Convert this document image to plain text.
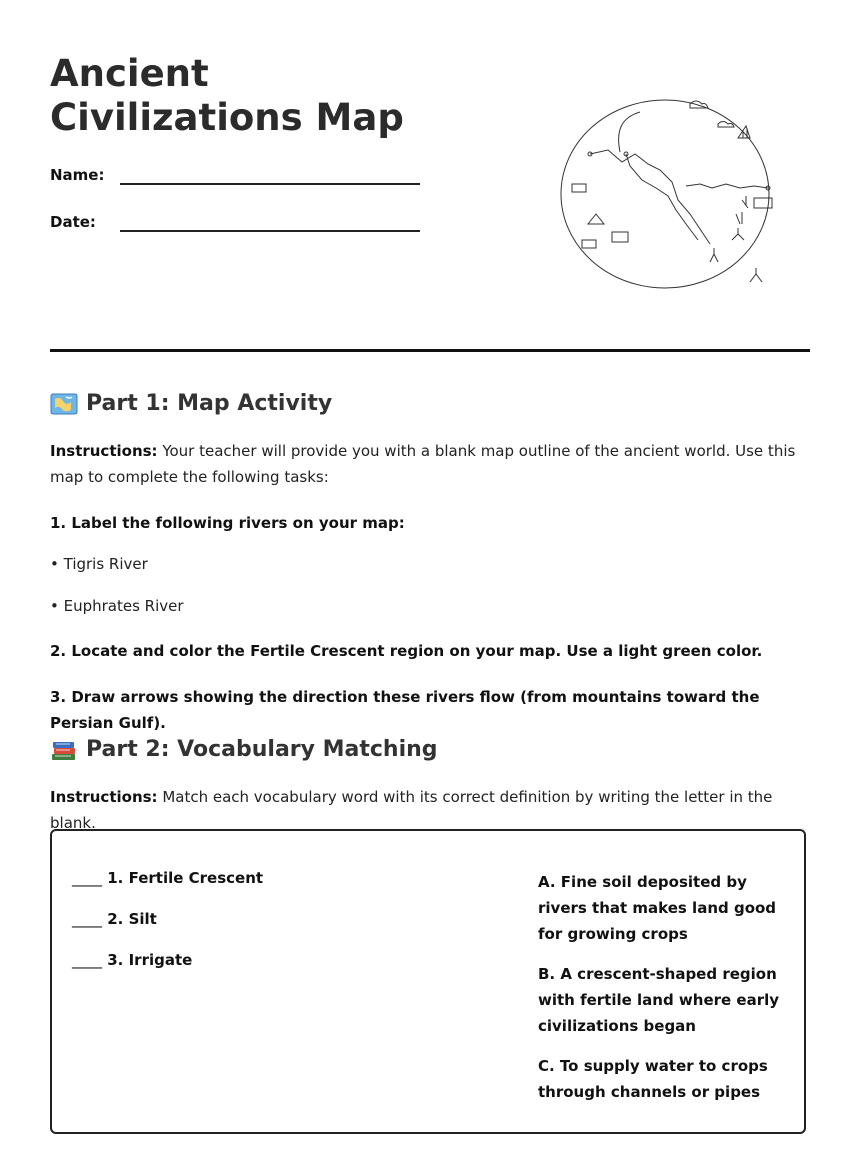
Ancient Civilizations Map
Name:
Date:
Part 1: Map Activity
Instructions: Your teacher will provide you with a blank map outline of the ancient world. Use this map to complete the following tasks:
1. Label the following rivers on your map:
• Tigris River
• Euphrates River
2. Locate and color the Fertile Crescent region on your map. Use a light green color.
3. Draw arrows showing the direction these rivers flow (from mountains toward the Persian Gulf).
Part 2: Vocabulary Matching
Instructions: Match each vocabulary word with its correct definition by writing the letter in the blank.
____ 1. Fertile Crescent
____ 2. Silt
____ 3. Irrigate
A. Fine soil deposited by rivers that makes land good for growing crops
B. A crescent-shaped region with fertile land where early civilizations began
C. To supply water to crops through channels or pipes
